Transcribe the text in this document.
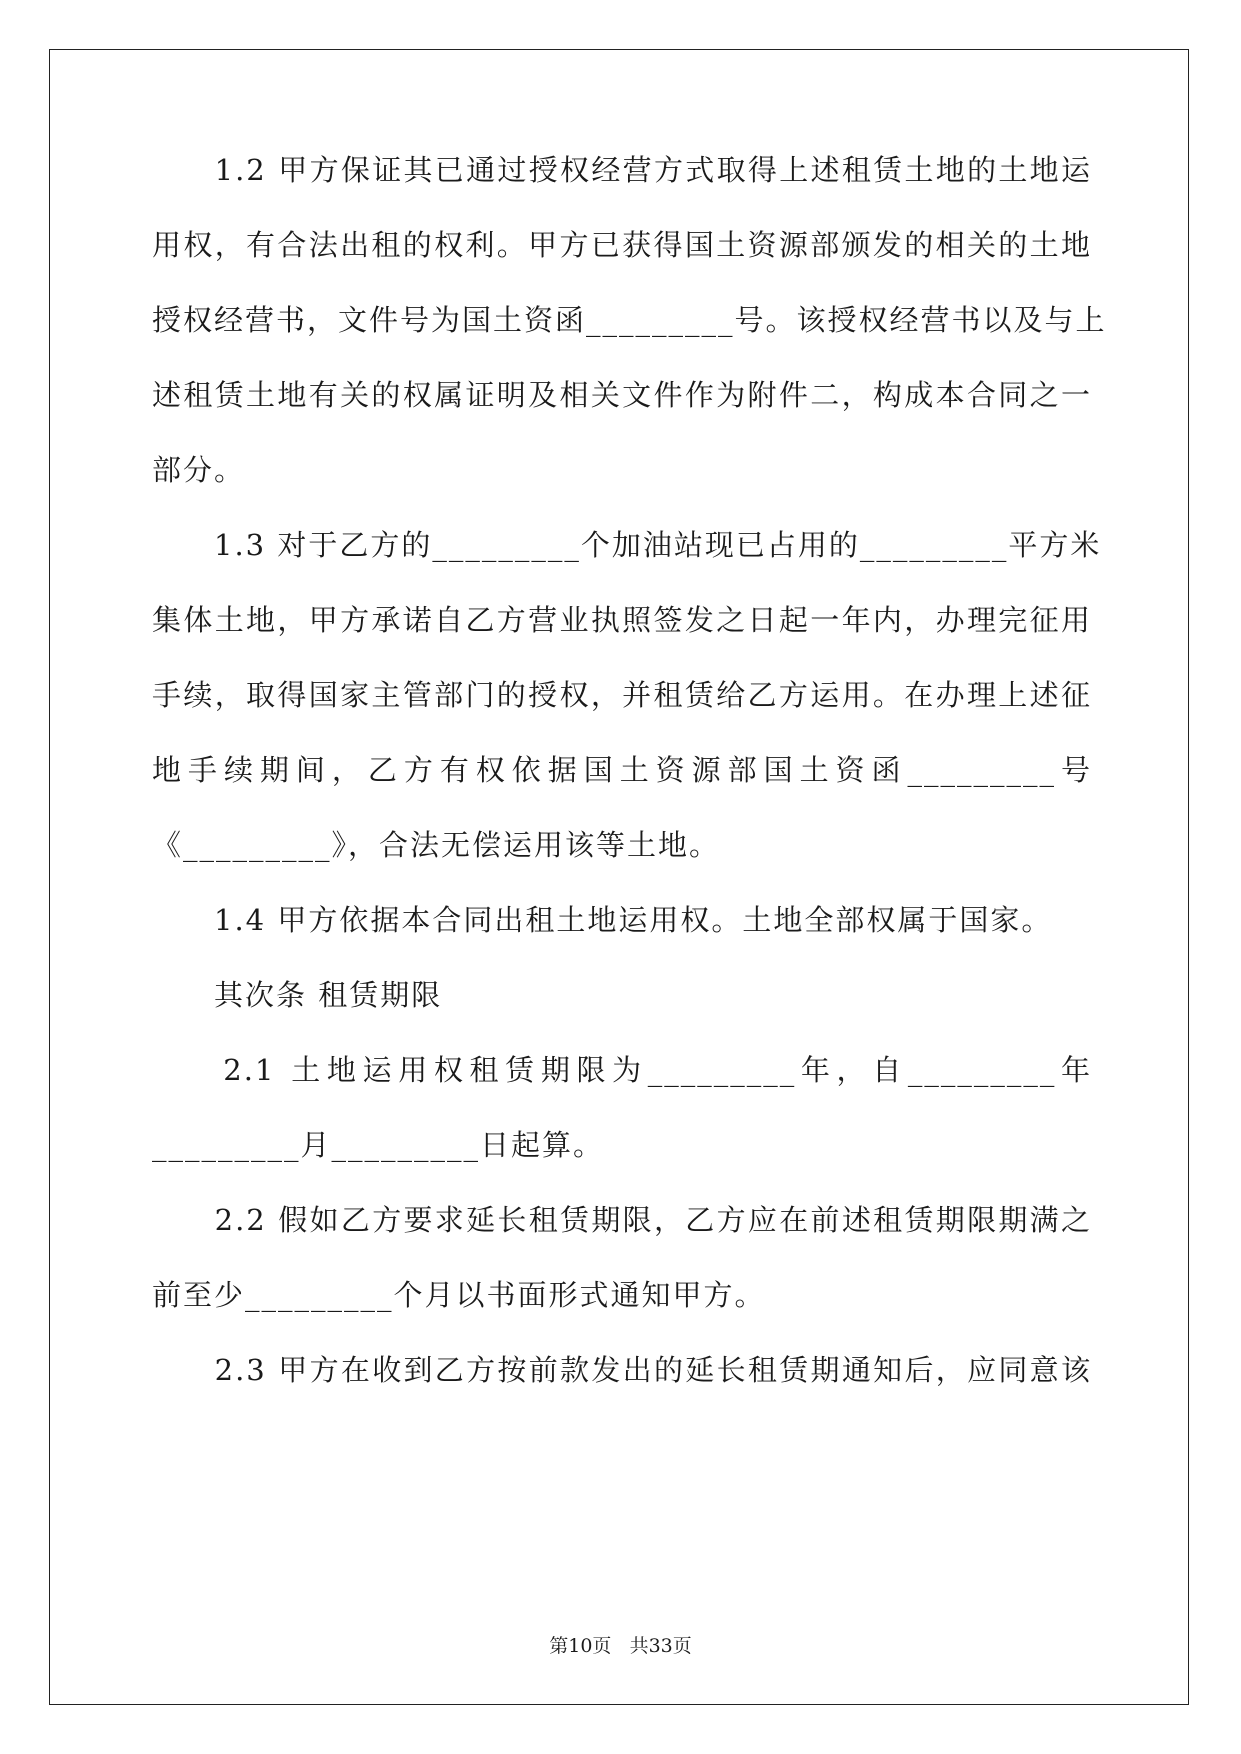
　　1.2 甲方保证其已通过授权经营方式取得上述租赁土地的土地运
用权，有合法出租的权利。甲方已获得国土资源部颁发的相关的土地
授权经营书，文件号为国土资函_________号。该授权经营书以及与上
述租赁土地有关的权属证明及相关文件作为附件二，构成本合同之一
部分。
　　1.3 对于乙方的_________个加油站现已占用的_________平方米
集体土地，甲方承诺自乙方营业执照签发之日起一年内，办理完征用
手续，取得国家主管部门的授权，并租赁给乙方运用。在办理上述征
地手续期间，乙方有权依据国土资源部国土资函_________号
《_________》，合法无偿运用该等土地。
　　1.4 甲方依据本合同出租土地运用权。土地全部权属于国家。
　　其次条 租赁期限
　　2.1 土地运用权租赁期限为_________年，自_________年
_________月_________日起算。
　　2.2 假如乙方要求延长租赁期限，乙方应在前述租赁期限期满之
前至少_________个月以书面形式通知甲方。
　　2.3 甲方在收到乙方按前款发出的延长租赁期通知后，应同意该
第10页 共33页
